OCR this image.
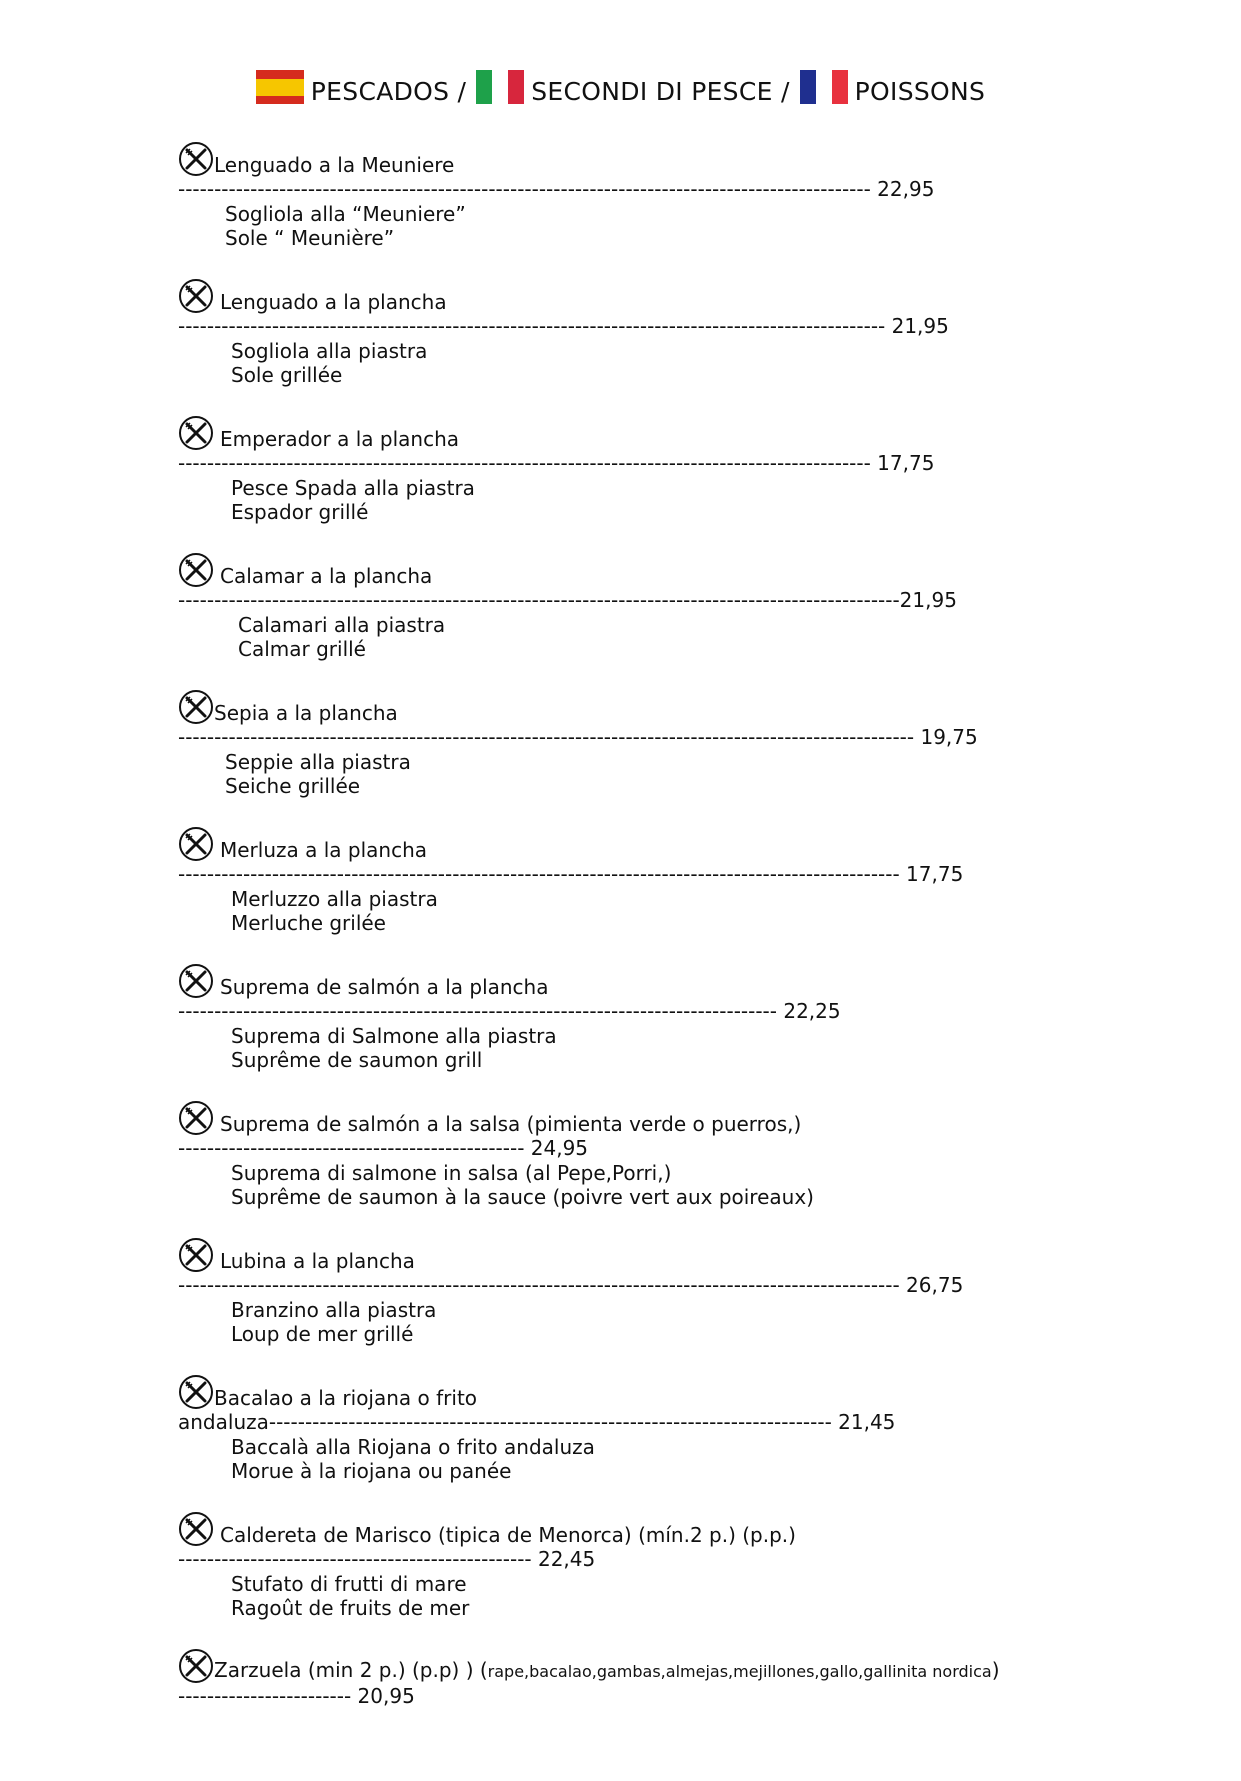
PESCADOS /	SECONDI DI PESCE /	POISSONS
Lenguado a la Meuniere
------------------------------------------------------------------------------------------------ 22,95
Sogliola alla “Meuniere”
Sole “ Meunière”
Lenguado a la plancha
-------------------------------------------------------------------------------------------------- 21,95
Sogliola alla piastra
Sole grillée
Emperador a la plancha
------------------------------------------------------------------------------------------------ 17,75
Pesce Spada alla piastra
Espador grillé
Calamar a la plancha
----------------------------------------------------------------------------------------------------21,95
Calamari alla piastra
Calmar grillé
Sepia a la plancha
------------------------------------------------------------------------------------------------------ 19,75
Seppie alla piastra
Seiche grillée
Merluza a la plancha
---------------------------------------------------------------------------------------------------- 17,75
Merluzzo alla piastra
Merluche grilée
Suprema de salmón a la plancha
----------------------------------------------------------------------------------- 22,25
Suprema di Salmone alla piastra
Suprême de saumon grill
Suprema de salmón a la salsa (pimienta verde o puerros,)
------------------------------------------------ 24,95
Suprema di salmone in salsa (al Pepe,Porri,)
Suprême de saumon à la sauce (poivre vert aux poireaux)
Lubina a la plancha
---------------------------------------------------------------------------------------------------- 26,75
Branzino alla piastra
Loup de mer grillé
Bacalao a la riojana o frito
andaluza------------------------------------------------------------------------------ 21,45
Baccalà alla Riojana o frito andaluza
Morue à la riojana ou panée
Caldereta de Marisco (tipica de Menorca) (mín.2 p.) (p.p.)
------------------------------------------------- 22,45
Stufato di frutti di mare
Ragoût de fruits de mer
Zarzuela (min 2 p.) (p.p) ) (rape,bacalao,gambas,almejas,mejillones,gallo,gallinita nordica)
------------------------ 20,95
